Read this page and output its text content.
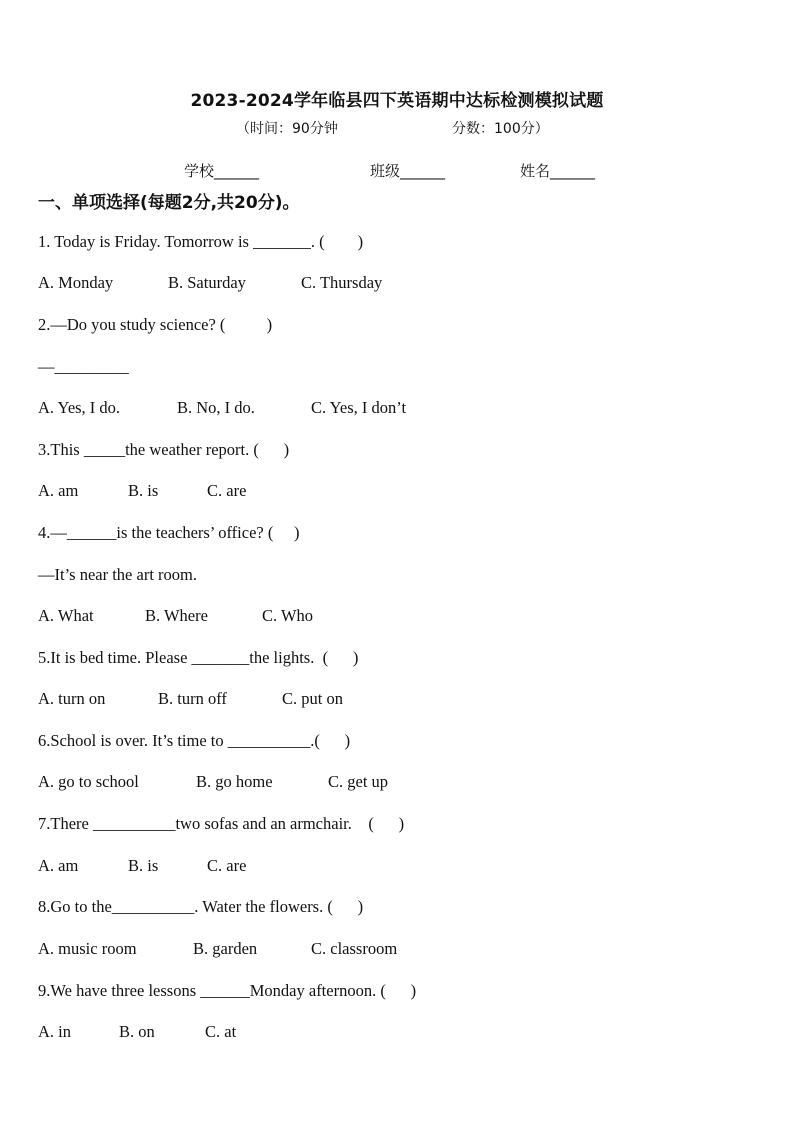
2023-2024学年临县四下英语期中达标检测模拟试题
（时间：90分钟	分数：100分）
学校______	班级______	姓名______
一、单项选择(每题2分,共20分)。
1. Today is Friday. Tomorrow is _______. (        )
A. Monday	B. Saturday	C. Thursday
2.—Do you study science? (          )
—_________
A. Yes, I do.	B. No, I do.	C. Yes, I don’t
3.This _____the weather report. (      )
A. am	B. is	C. are
4.—______is the teachers’ office? (     )
—It’s near the art room.
A. What	B. Where	C. Who
5.It is bed time. Please _______the lights.  (      )
A. turn on	B. turn off	C. put on
6.School is over. It’s time to __________.(      )
A. go to school	B. go home	C. get up
7.There __________two sofas and an armchair.    (      )
A. am	B. is	C. are
8.Go to the__________. Water the flowers. (      )
A. music room	B. garden	C. classroom
9.We have three lessons ______Monday afternoon. (      )
A. in	B. on	C. at
